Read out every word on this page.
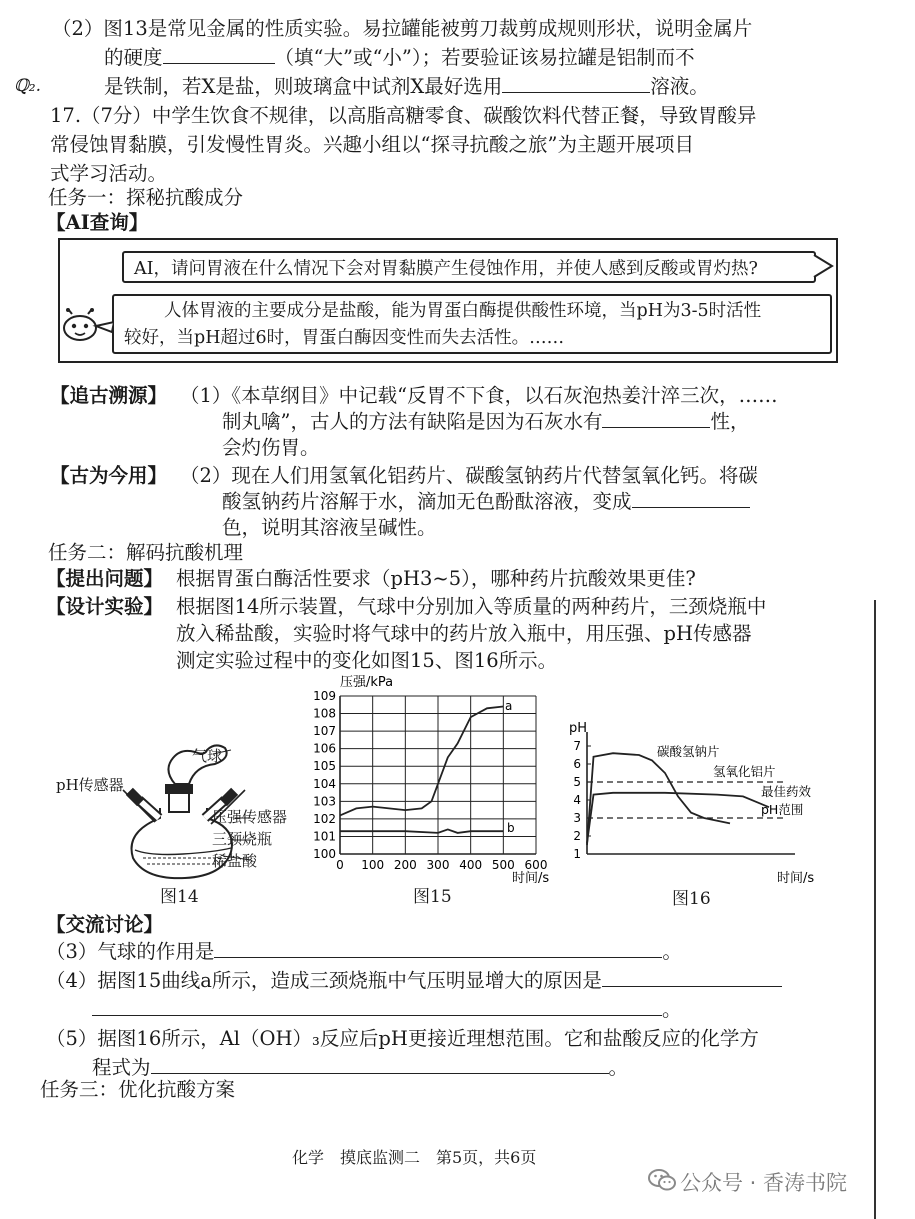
（2）图13是常见金属的性质实验。易拉罐能被剪刀裁剪成规则形状，说明金属片
的硬度	（填“大”或“小”）；若要验证该易拉罐是铝制而不
ℚ₂.	是铁制，若X是盐，则玻璃盒中试剂X最好选用	溶液。
17.（7分）中学生饮食不规律，以高脂高糖零食、碳酸饮料代替正餐，导致胃酸异
常侵蚀胃黏膜，引发慢性胃炎。兴趣小组以“探寻抗酸之旅”为主题开展项目
式学习活动。
任务一：探秘抗酸成分
【AI查询】
AI，请问胃液在什么情况下会对胃黏膜产生侵蚀作用，并使人感到反酸或胃灼热?
人体胃液的主要成分是盐酸，能为胃蛋白酶提供酸性环境，当pH为3-5时活性
较好，当pH超过6时，胃蛋白酶因变性而失去活性。……
【追古溯源】 （1）《本草纲目》中记载“反胃不下食，以石灰泡热姜汁淬三次，……
制丸噙”，古人的方法有缺陷是因为石灰水有	性，
会灼伤胃。
【古为今用】 （2）现在人们用氢氧化铝药片、碳酸氢钠药片代替氢氧化钙。将碳
酸氢钠药片溶解于水，滴加无色酚酞溶液，变成
色，说明其溶液呈碱性。
任务二：解码抗酸机理
【提出问题】 根据胃蛋白酶活性要求（pH3~5），哪种药片抗酸效果更佳?
【设计实验】 根据图14所示装置，气球中分别加入等质量的两种药片，三颈烧瓶中
放入稀盐酸，实验时将气球中的药片放入瓶中，用压强、pH传感器
测定实验过程中的变化如图15、图16所示。
气球
pH传感器
压强传感器
三颈烧瓶
稀盐酸
图14
109
108
107
106
105
104
103
102
101
100
0 100 200 300 400 500 600
压强/kPa
时间/s
a
b
图15
7
6
5
4
3
2
1
pH
时间/s
碳酸氢钠片
氢氧化铝片
最佳药效
pH范围
图16
【交流讨论】
（3）气球的作用是	。
（4）据图15曲线a所示，造成三颈烧瓶中气压明显增大的原因是
。
（5）据图16所示，Al（OH）₃反应后pH更接近理想范围。它和盐酸反应的化学方
程式为	。
任务三：优化抗酸方案
化学　摸底监测二　第5页，共6页
公众号 · 香涛书院
